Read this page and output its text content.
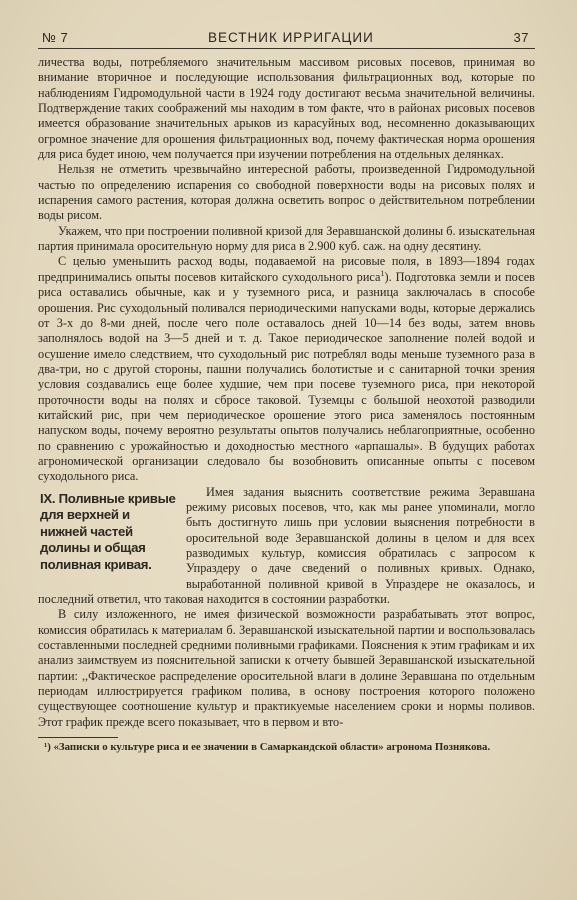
№ 7	ВЕСТНИК ИРРИГАЦИИ	37

личества воды, потребляемого значительным массивом рисовых посевов, принимая во внимание вторичное и последующие использования фильтрационных вод, которые по наблюдениям Гидромодульной части в 1924 году достигают весьма значительной величины. Подтверждение таких соображений мы находим в том факте, что в районах рисовых посевов имеется образование значительных арыков из карасуйных вод, несомненно доказывающих огромное значение для орошения фильтрационных вод, почему фактическая норма орошения для риса будет иною, чем получается при изучении потребления на отдельных делянках.

Нельзя не отметить чрезвычайно интересной работы, произведенной Гидромодульной частью по определению испарения со свободной поверхности воды на рисовых полях и испарения самого растения, которая должна осветить вопрос о действительном потреблении воды рисом.

Укажем, что при построении поливной кризой для Зеравшанской долины б. изыскательная партия принимала оросительную норму для риса в 2.900 куб. саж. на одну десятину.

С целью уменьшить расход воды, подаваемой на рисовые поля, в 1893—1894 годах предпринимались опыты посевов китайского суходольного риса$^1$). Подготовка земли и посев риса оставались обычные, как и у туземного риса, и разница заключалась в способе орошения. Рис суходольный поливался периодическими напусками воды, которые держались от 3-х до 8-ми дней, после чего поле оставалось дней 10—14 без воды, затем вновь заполнялось водой на 3—5 дней и т. д. Такое периодическое заполнение полей водой и осушение имело следствием, что суходольный рис потреблял воды меньше туземного раза в два-три, но с другой стороны, пашни получались болотистые и с санитарной точки зрения условия создавались еще более худшие, чем при посеве туземного риса, при некоторой проточности воды на полях и сбросе таковой. Туземцы с большой неохотой разводили китайский рис, при чем периодическое орошение этого риса заменялось постоянным напуском воды, почему вероятно результаты опытов получались неблагоприятные, особенно по сравнению с урожайностью и доходностью местного «арпашалы». В будущих работах агрономической организации следовало бы возобновить описанные опыты с посевом суходольного риса.

IX. Поливные кривые для верхней и нижней частей долины и общая поливная кривая.

Имея задания выяснить соответствие режима Зеравшана режиму рисовых посевов, что, как мы ранее упоминали, могло быть достигнуто лишь при условии выяснения потребности в оросительной воде Зеравшанской долины в целом и для всех разводимых культур, комиссия обратилась с запросом к Упраздеру о даче сведений о поливных кривых. Однако, выработанной поливной кривой в Упраздере не оказалось, и последний ответил, что таковая находится в состоянии разработки.

В силу изложенного, не имея физической возможности разрабатывать этот вопрос, комиссия обратилась к материалам б. Зеравшанской изыскательной партии и воспользовалась составленными последней средними поливными графиками. Пояснения к этим графикам и их анализ заимствуем из пояснительной записки к отчету бывшей Зеравшанской изыскательной партии: ,,Фактическое распределение оросительной влаги в долине Зеравшана по отдельным периодам иллюстрируется графиком полива, в основу построения которого положено существующее соотношение культур и практикуемые населением сроки и нормы поливов. Этот график прежде всего показывает, что в первом и вто-

¹) «Записки о культуре риса и ее значении в Самаркандской области» агронома Познякова.
